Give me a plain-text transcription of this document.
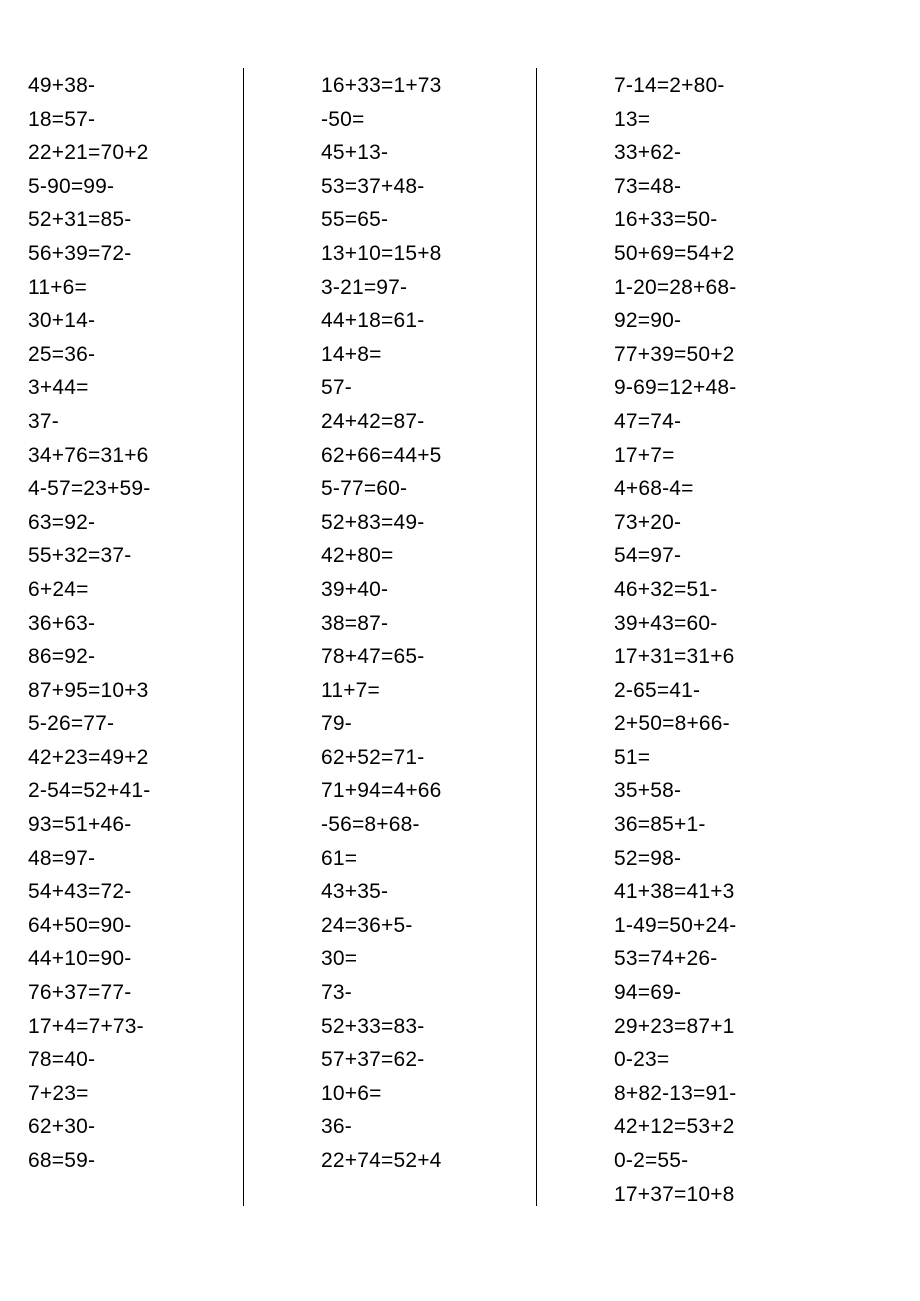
49+38-
18=57-
22+21=70+2
5-90=99-
52+31=85-
56+39=72-
11+6=
30+14-
25=36-
3+44=
37-
34+76=31+6
4-57=23+59-
63=92-
55+32=37-
6+24=
36+63-
86=92-
87+95=10+3
5-26=77-
42+23=49+2
2-54=52+41-
93=51+46-
48=97-
54+43=72-
64+50=90-
44+10=90-
76+37=77-
17+4=7+73-
78=40-
7+23=
62+30-
68=59-
16+33=1+73
-50=
45+13-
53=37+48-
55=65-
13+10=15+8
3-21=97-
44+18=61-
14+8=
57-
24+42=87-
62+66=44+5
5-77=60-
52+83=49-
42+80=
39+40-
38=87-
78+47=65-
11+7=
79-
62+52=71-
71+94=4+66
-56=8+68-
61=
43+35-
24=36+5-
30=
73-
52+33=83-
57+37=62-
10+6=
36-
22+74=52+4
7-14=2+80-
13=
33+62-
73=48-
16+33=50-
50+69=54+2
1-20=28+68-
92=90-
77+39=50+2
9-69=12+48-
47=74-
17+7=
4+68-4=
73+20-
54=97-
46+32=51-
39+43=60-
17+31=31+6
2-65=41-
2+50=8+66-
51=
35+58-
36=85+1-
52=98-
41+38=41+3
1-49=50+24-
53=74+26-
94=69-
29+23=87+1
0-23=
8+82-13=91-
42+12=53+2
0-2=55-
17+37=10+8
